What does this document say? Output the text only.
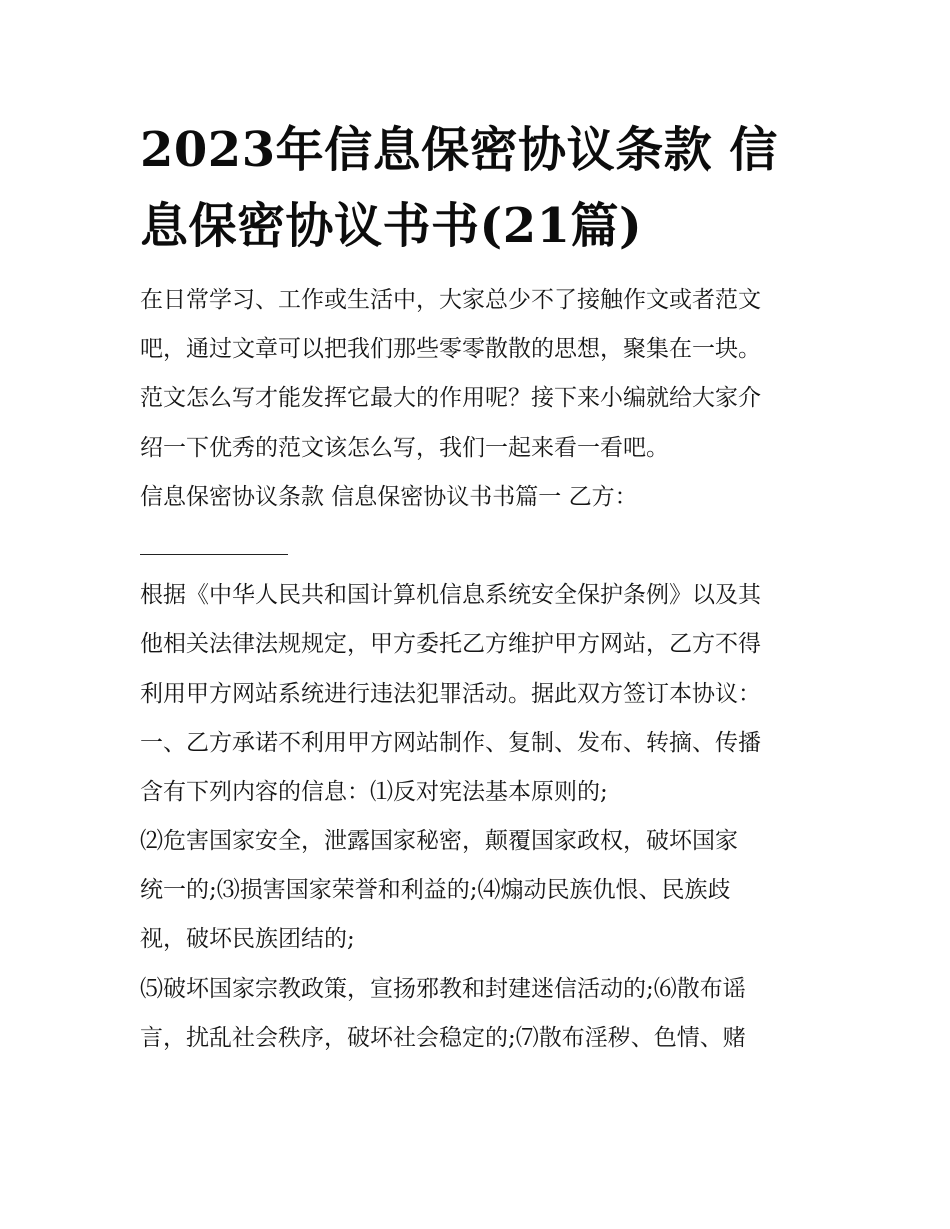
2023年信息保密协议条款 信
息保密协议书书(21篇)
在日常学习、工作或生活中，大家总少不了接触作文或者范文
吧，通过文章可以把我们那些零零散散的思想，聚集在一块。
范文怎么写才能发挥它最大的作用呢？接下来小编就给大家介
绍一下优秀的范文该怎么写，我们一起来看一看吧。
信息保密协议条款 信息保密协议书书篇一 乙方：
根据《中华人民共和国计算机信息系统安全保护条例》以及其
他相关法律法规规定，甲方委托乙方维护甲方网站，乙方不得
利用甲方网站系统进行违法犯罪活动。据此双方签订本协议：
一、乙方承诺不利用甲方网站制作、复制、发布、转摘、传播
含有下列内容的信息：⑴反对宪法基本原则的;
⑵危害国家安全，泄露国家秘密，颠覆国家政权，破坏国家
统一的;⑶损害国家荣誉和利益的;⑷煽动民族仇恨、民族歧
视，破坏民族团结的;
⑸破坏国家宗教政策，宣扬邪教和封建迷信活动的;⑹散布谣
言，扰乱社会秩序，破坏社会稳定的;⑺散布淫秽、色情、赌
